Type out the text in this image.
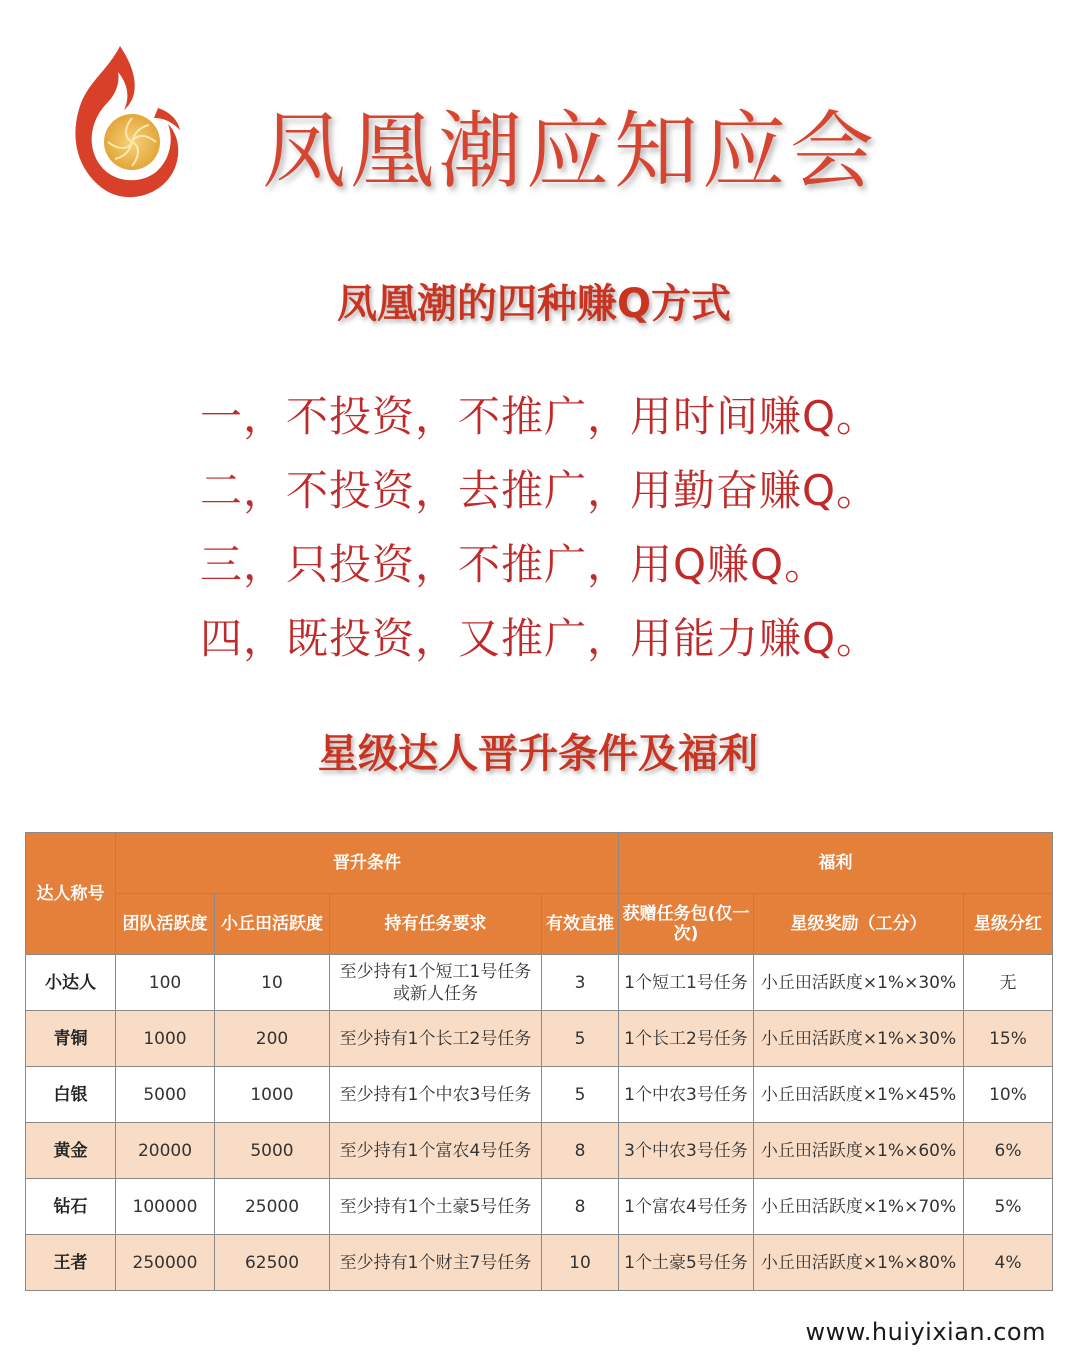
凤凰潮应知应会
凤凰潮的四种赚Q方式
一，不投资，不推广，用时间赚Q。
二，不投资，去推广，用勤奋赚Q。
三，只投资，不推广，用Q赚Q。
四，既投资，又推广，用能力赚Q。
星级达人晋升条件及福利
达人称号	晋升条件				福利		
	团队活跃度	小丘田活跃度	持有任务要求	有效直推	获赠任务包(仅一次)	星级奖励（工分）	星级分红
小达人	100	10	至少持有1个短工1号任务或新人任务	3	1个短工1号任务	小丘田活跃度×1%×30%	无
青铜	1000	200	至少持有1个长工2号任务	5	1个长工2号任务	小丘田活跃度×1%×30%	15%
白银	5000	1000	至少持有1个中农3号任务	5	1个中农3号任务	小丘田活跃度×1%×45%	10%
黄金	20000	5000	至少持有1个富农4号任务	8	3个中农3号任务	小丘田活跃度×1%×60%	6%
钻石	100000	25000	至少持有1个土豪5号任务	8	1个富农4号任务	小丘田活跃度×1%×70%	5%
王者	250000	62500	至少持有1个财主7号任务	10	1个土豪5号任务	小丘田活跃度×1%×80%	4%
www.huiyixian.com
